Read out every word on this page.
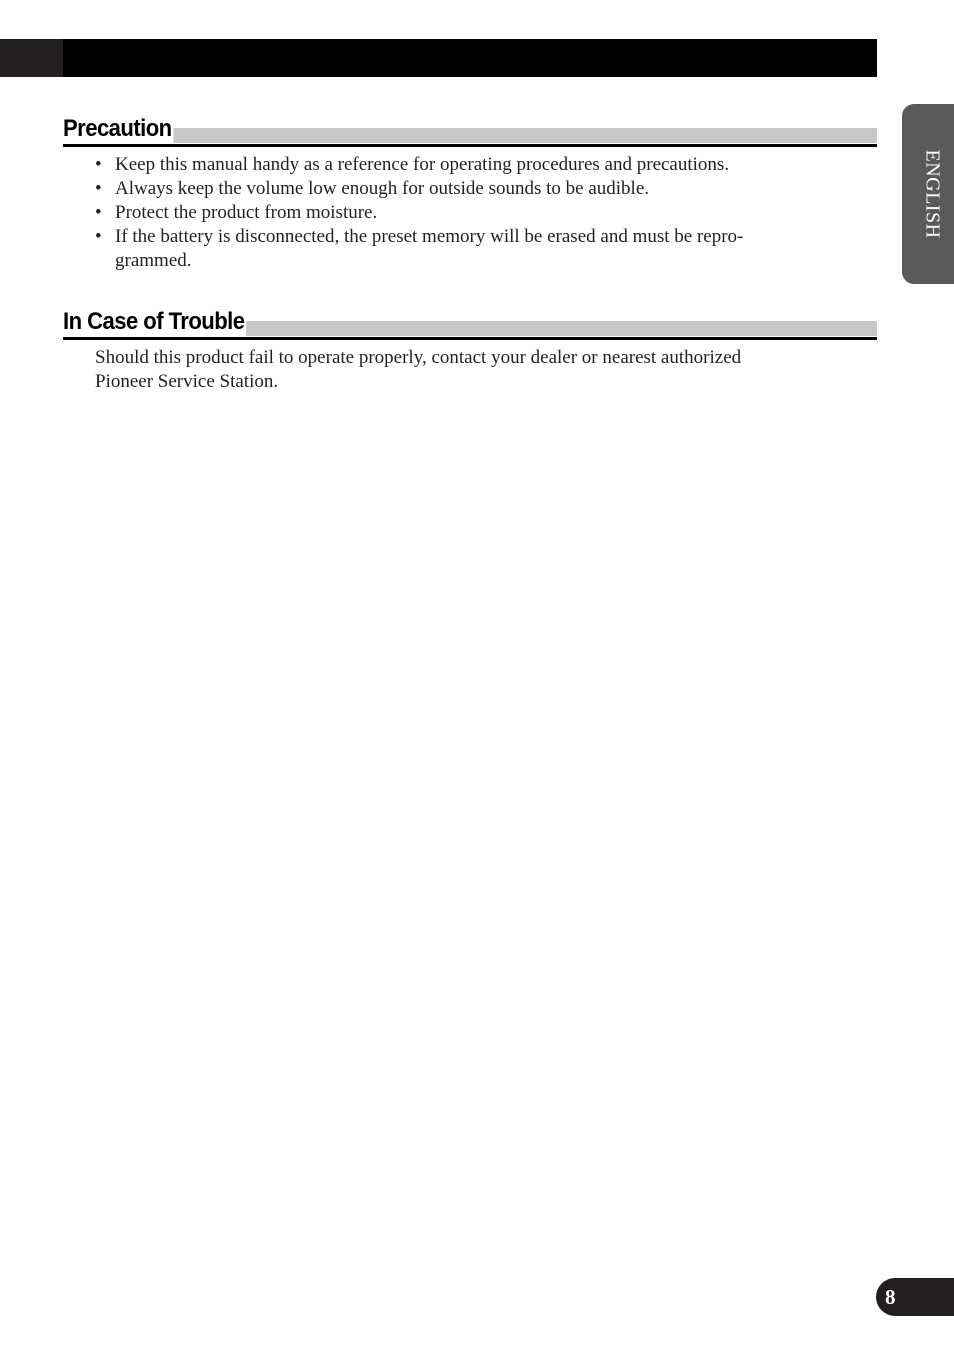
Precaution
• Keep this manual handy as a reference for operating procedures and precautions.
• Always keep the volume low enough for outside sounds to be audible.
• Protect the product from moisture.
• If the battery is disconnected, the preset memory will be erased and must be repro-
grammed.
In Case of Trouble
Should this product fail to operate properly, contact your dealer or nearest authorized
Pioneer Service Station.
ENGLISH
8
